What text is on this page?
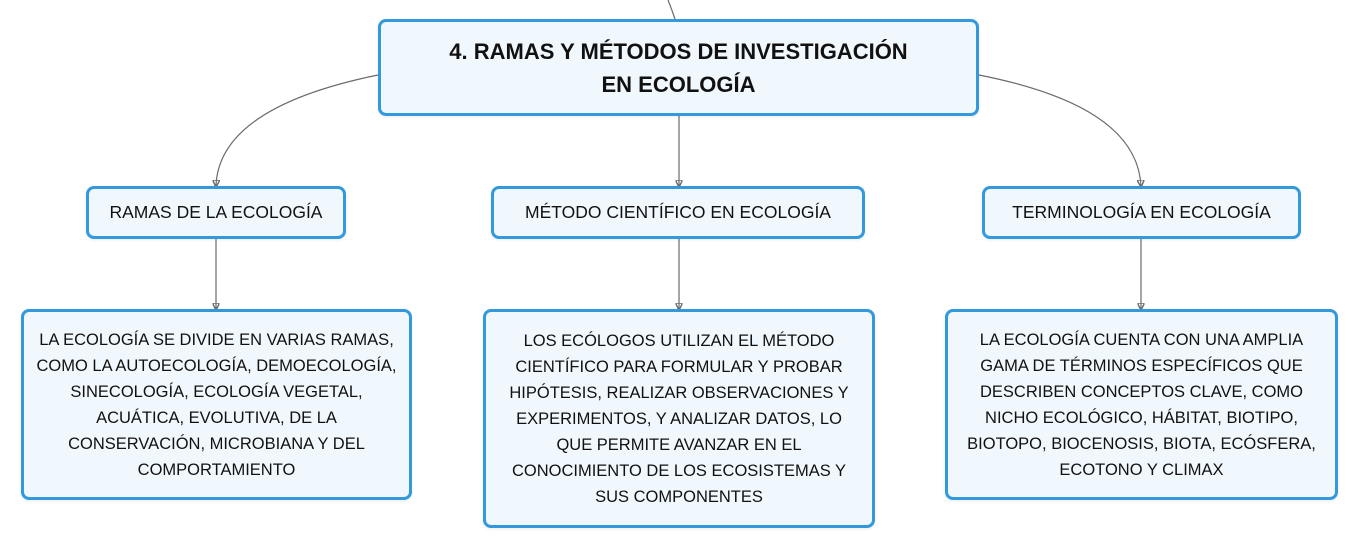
4. RAMAS Y MÉTODOS DE INVESTIGACIÓN EN ECOLOGÍA
RAMAS DE LA ECOLOGÍA	MÉTODO CIENTÍFICO EN ECOLOGÍA	TERMINOLOGÍA EN ECOLOGÍA
LA ECOLOGÍA SE DIVIDE EN VARIAS RAMAS, COMO LA AUTOECOLOGÍA, DEMOECOLOGÍA, SINECOLOGÍA, ECOLOGÍA VEGETAL, ACUÁTICA, EVOLUTIVA, DE LA CONSERVACIÓN, MICROBIANA Y DEL COMPORTAMIENTO
LOS ECÓLOGOS UTILIZAN EL MÉTODO CIENTÍFICO PARA FORMULAR Y PROBAR HIPÓTESIS, REALIZAR OBSERVACIONES Y EXPERIMENTOS, Y ANALIZAR DATOS, LO QUE PERMITE AVANZAR EN EL CONOCIMIENTO DE LOS ECOSISTEMAS Y SUS COMPONENTES
LA ECOLOGÍA CUENTA CON UNA AMPLIA GAMA DE TÉRMINOS ESPECÍFICOS QUE DESCRIBEN CONCEPTOS CLAVE, COMO NICHO ECOLÓGICO, HÁBITAT, BIOTIPO, BIOTOPO, BIOCENOSIS, BIOTA, ECÓSFERA, ECOTONO Y CLIMAX
